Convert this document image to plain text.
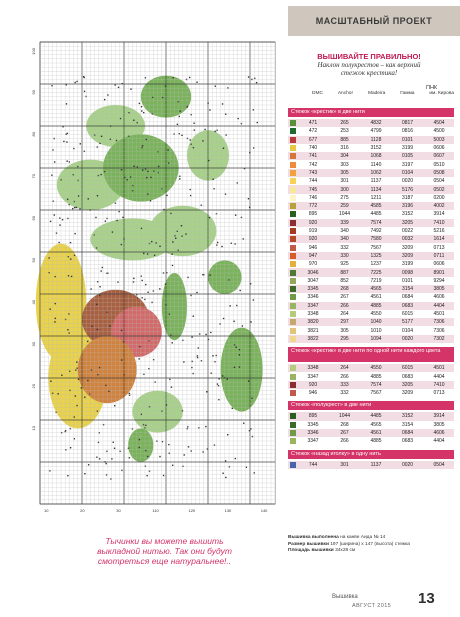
100
90
80
70
60
50
40
30
20
10
10	20	30	110	120	130	140
МАСШТАБНЫЙ ПРОЕКТ
ВЫШИВАЙТЕ ПРАВИЛЬНО!
Наклон полукрестов – как верхний
стежок крестика!
ПНК
DMC	Anchor	Madeira	Гамма	им. Кирова
Стежок «крестик» в две нити
471	265	4832	0817	4504
472	253	4799	0816	4500
677	885	1128	0101	5003
740	316	3152	3199	0606
741	304	1068	0105	0607
742	303	1140	3197	0510
743	305	1062	0104	0508
744	301	1137	0020	0504
745	300	1134	5176	0502
746	275	1211	3187	0200
772	259	4585	3196	4002
895	1044	4485	3152	3914
920	339	7574	3205	7410
919	340	7492	0022	5216
920	340	7580	0032	1614
946	332	7567	3209	0713
947	330	1325	3209	0711
970	925	1237	3199	0606
3046	887	7225	0098	8901
3047	852	7219	0101	9294
3345	268	4565	3154	3805
3346	267	4561	0684	4606
3347	266	4885	0683	4404
3348	264	4550	6015	4501
3820	297	1040	5177	7306
3821	305	1010	0104	7306
3822	295	1094	0020	7302
Стежок «крестик» в две нити по одной нити каждого цвета
3348	264	4550	6015	4501
3347	266	4885	0683	4404
920	333	7574	3205	7410
946	332	7567	3209	0713
Стежок «полукрест» в две нити
895	1044	4485	3152	3914
3345	268	4565	3154	3805
3346	267	4561	0684	4606
3347	266	4885	0683	4404
Стежок «назад иголку» в одну нить
744	301	1137	0020	0504
Тычинки вы можете вышить
выкладной нитью. Так они будут
смотреться еще натуральнее!..
Вышивка выполнена на канве Аида № 14
Размер вышивки 197 (ширина) х 147 (высота) стежка
Площадь вышивки 34x28 см
Вышивка
АВГУСТ 2015 13
